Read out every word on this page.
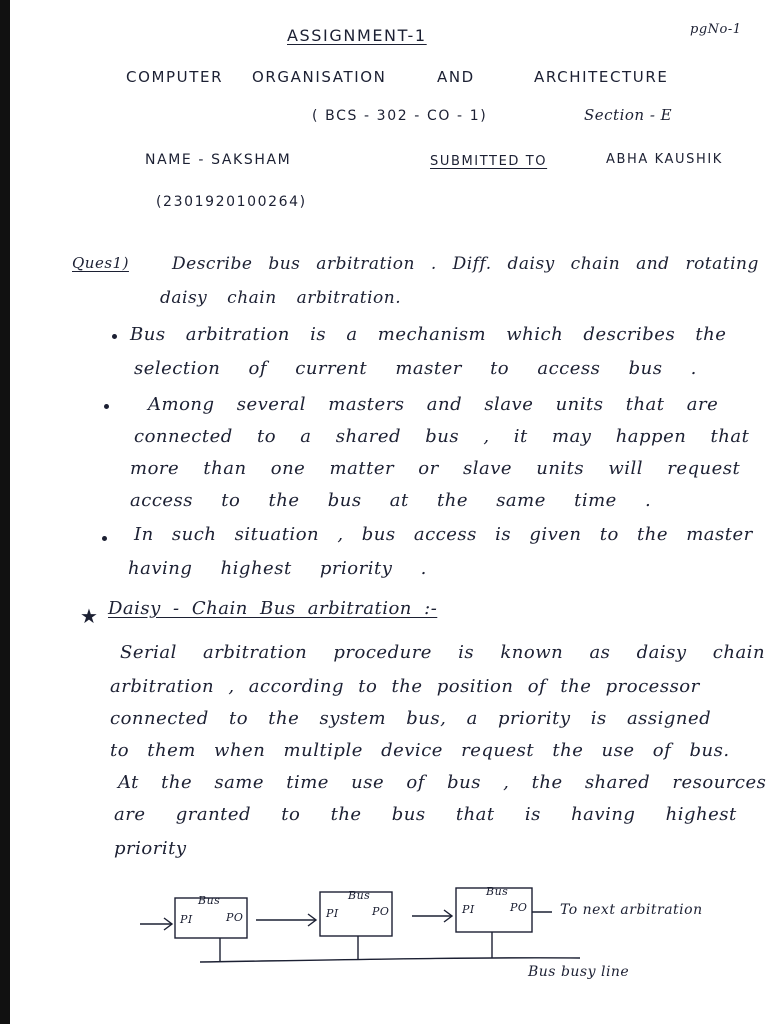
pgNo-1
ASSIGNMENT-1
COMPUTER ORGANISATION	AND	ARCHITECTURE
( BCS - 302 - CO - 1)	Section - E
NAME - SAKSHAM	SUBMITTED TO	ABHA KAUSHIK
(2301920100264)
Ques1)	Describe bus arbitration . Diff. daisy chain and rotating
daisy chain arbitration.
Bus arbitration is a mechanism which describes the
selection of current master to access bus .
Among several masters and slave units that are
connected to a shared bus , it may happen that
more than one matter or slave units will request
access to the bus at the same time .
In such situation , bus access is given to the master
having highest priority .
★ Daisy - Chain Bus arbitration :-
Serial arbitration procedure is known as daisy chain
arbitration , according to the position of the processor
connected to the system bus, a priority is assigned
to them when multiple device request the use of bus.
At the same time use of bus , the shared resources
are granted to the bus that is having highest
priority
Bus
PI	PO
Bus
PI	PO
Bus
PI	PO To next arbitration
Bus busy line
